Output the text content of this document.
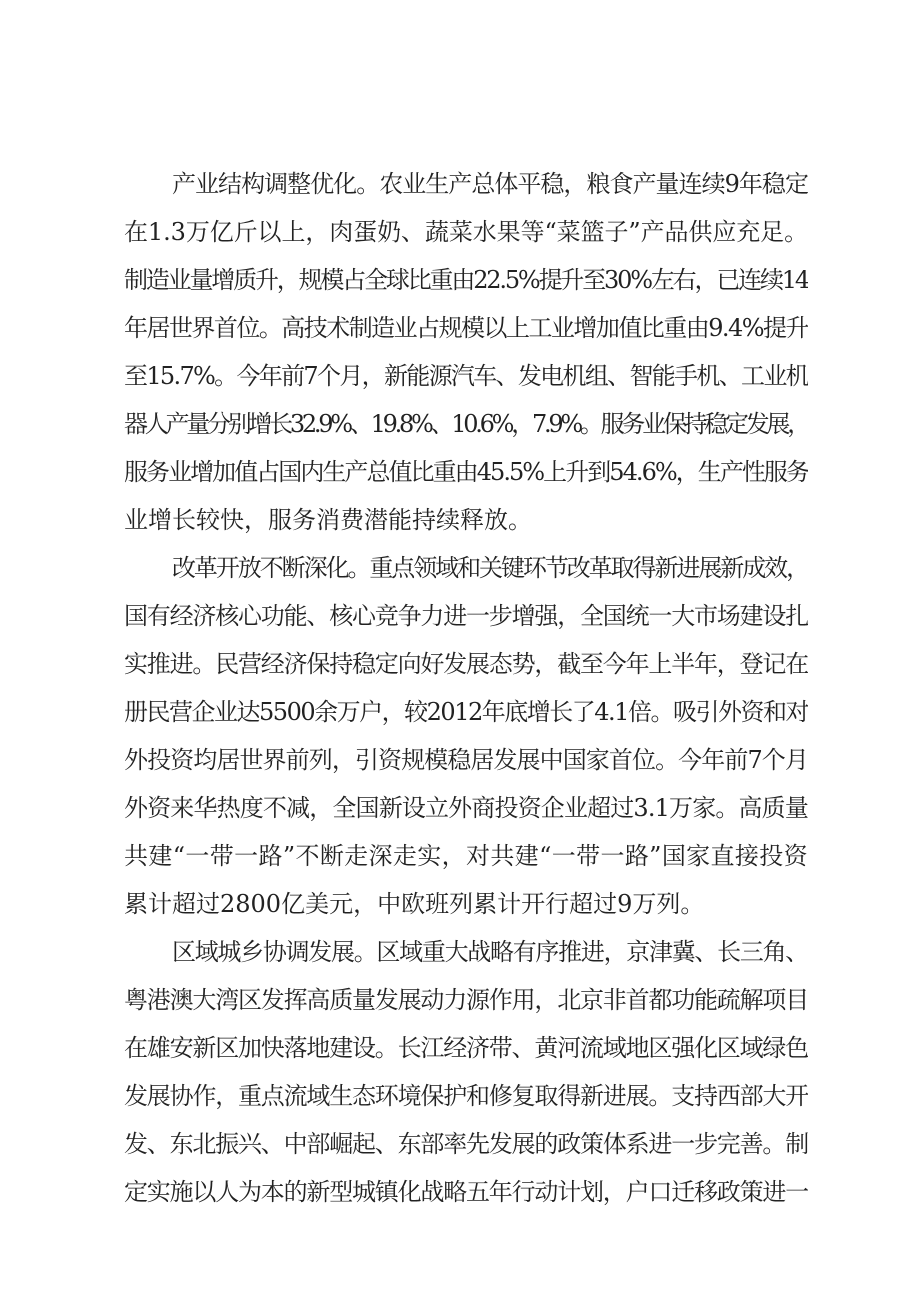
产业结构调整优化。农业生产总体平稳，粮食产量连续9年稳定
在1.3万亿斤以上，肉蛋奶、蔬菜水果等“菜篮子”产品供应充足。
制造业量增质升，规模占全球比重由22.5%提升至30%左右，已连续14
年居世界首位。高技术制造业占规模以上工业增加值比重由9.4%提升
至15.7%。今年前7个月，新能源汽车、发电机组、智能手机、工业机
器人产量分别增长32.9%、19.8%、10.6%，7.9%。服务业保持稳定发展，
服务业增加值占国内生产总值比重由45.5%上升到54.6%，生产性服务
业增长较快，服务消费潜能持续释放。
改革开放不断深化。重点领域和关键环节改革取得新进展新成效，
国有经济核心功能、核心竞争力进一步增强，全国统一大市场建设扎
实推进。民营经济保持稳定向好发展态势，截至今年上半年，登记在
册民营企业达5500余万户，较2012年底增长了4.1倍。吸引外资和对
外投资均居世界前列，引资规模稳居发展中国家首位。今年前7个月
外资来华热度不减，全国新设立外商投资企业超过3.1万家。高质量
共建“一带一路”不断走深走实，对共建“一带一路”国家直接投资
累计超过2800亿美元，中欧班列累计开行超过9万列。
区域城乡协调发展。区域重大战略有序推进，京津冀、长三角、
粤港澳大湾区发挥高质量发展动力源作用，北京非首都功能疏解项目
在雄安新区加快落地建设。长江经济带、黄河流域地区强化区域绿色
发展协作，重点流域生态环境保护和修复取得新进展。支持西部大开
发、东北振兴、中部崛起、东部率先发展的政策体系进一步完善。制
定实施以人为本的新型城镇化战略五年行动计划，户口迁移政策进一
